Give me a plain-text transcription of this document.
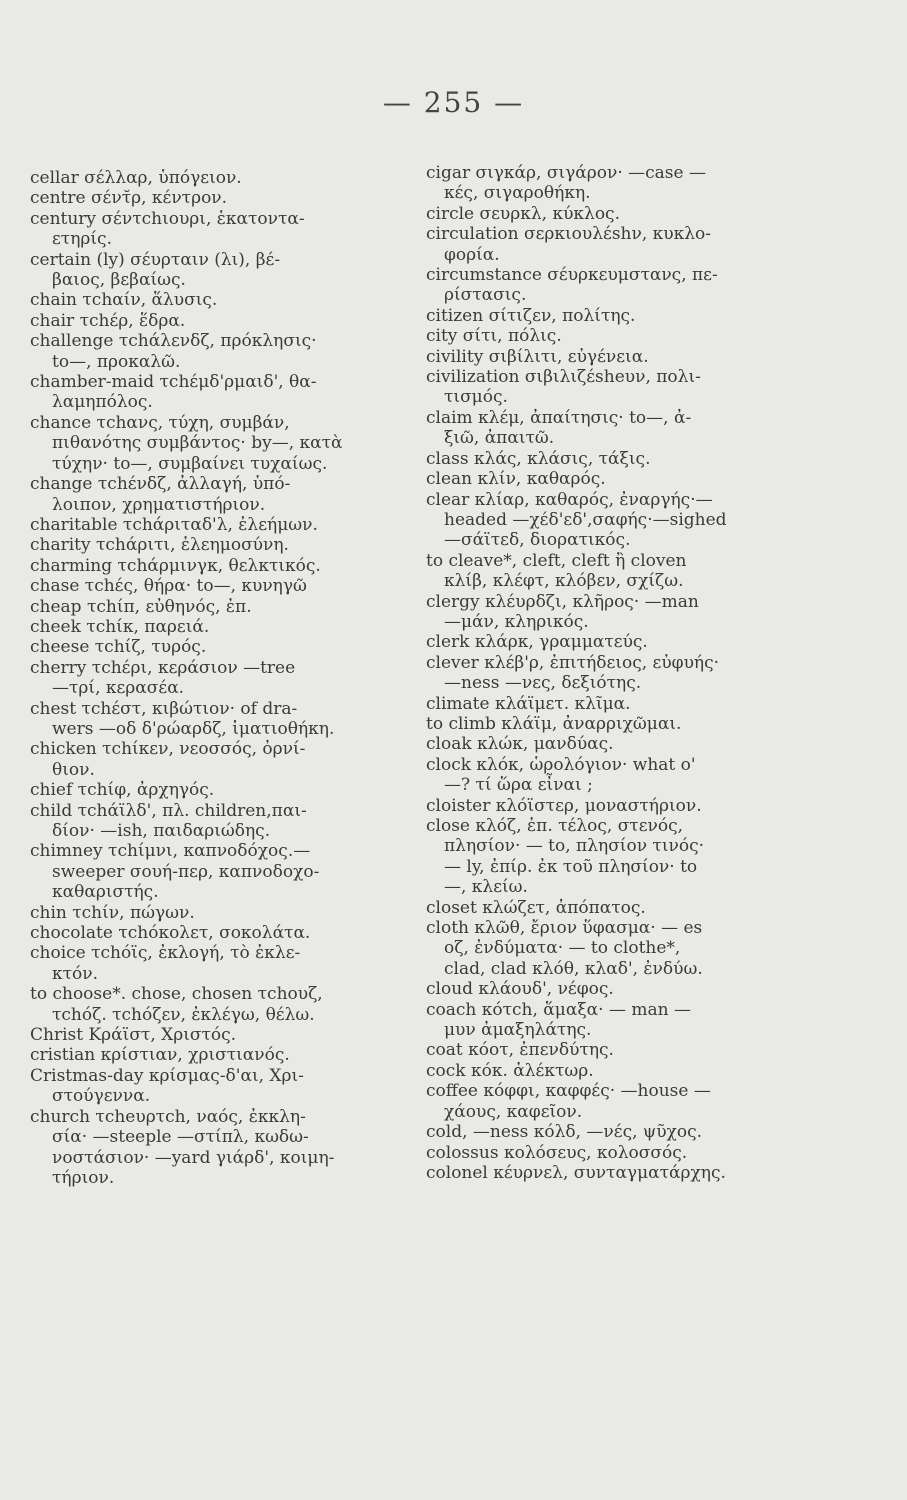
— 255 —

cellar σέλλαρ, ὑπόγειον.

centre σέντ̆ρ, κέντρον.

century σέντchιουρι, ἑκατοντα-
ετηρίς.

certain (ly) σέυρταιν (λι), βέ-
βαιος, βεβαίως.

chain τchαίν, ἅλυσις.

chair τchέρ, ἕδρα.

challenge τchάλενδζ, πρόκλησις·
to—, προκαλῶ.

chamber-maid τchέμδ'ρμαιδ', θα-
λαμηπόλος.

chance τchανς, τύχη, συμβάν,
πιθανότης συμβάντος· by—, κατὰ
τύχην· to—, συμβαίνει τυχαίως.

change τchένδζ, ἀλλαγή, ὑπό-
λοιπον, χρηματιστήριον.

charitable τchάριταδ'λ, ἐλεήμων.

charity τchάριτι, ἐλεημοσύνη.

charming τchάρμινγκ, θελκτικός.

chase τchές, θήρα· to—, κυνηγῶ

cheap τchίπ, εὐθηνός, ἐπ.

cheek τchίκ, παρειά.

cheese τchίζ, τυρός.

cherry τchέρι, κεράσιον —tree
—τρί, κερασέα.

chest τchέστ, κιβώτιον· of dra-
wers —οδ δ'ρώαρδζ, ἱματιοθήκη.

chicken τchίκεν, νεοσσός, ὀρνί-
θιον.

chief τchίφ, ἀρχηγός.

child τchάϊλδ', πλ. children,παι-
δίον· —ish, παιδαριώδης.

chimney τchίμνι, καπνοδόχος.—
sweeper σουή-περ, καπνοδοχο-
καθαριστής.

chin τchίν, πώγων.

chocolate τchόκολετ, σοκολάτα.

choice τchόϊς, ἐκλογή, τὸ ἐκλε-
κτόν.

to choose*. chose, chosen τchουζ,
τchόζ. τchόζεν, ἐκλέγω, θέλω.

Christ Κράϊστ, Χριστός.

cristian κρίστιαν, χριστιανός.

Cristmas-day κρίσμας-δ'αι, Χρι-
στούγεννα.

church τcheυρτch, ναός, ἐκκλη-
σία· —steeple —στίπλ, κωδω-
νοστάσιον· —yard γιάρδ', κοιμη-
τήριον.

cigar σιγκάρ, σιγάρον· —case —
κές, σιγαροθήκη.

circle σευρκλ, κύκλος.

circulation σερκιουλέshν, κυκλο-
φορία.

circumstance σέυρκευμστανς, πε-
ρίστασις.

citizen σίτιζεν, πολίτης.

city σίτι, πόλις.

civility σιβίλιτι, εὐγένεια.

civilization σιβιλιζέsheυν, πολι-
τισμός.

claim κλέμ, ἀπαίτησις· to—, ἀ-
ξιῶ, ἀπαιτῶ.

class κλάς, κλάσις, τάξις.

clean κλίν, καθαρός.

clear κλίαρ, καθαρός, ἐναργής·—
headed —χέδ'εδ',σαφής·—sighed
—σάϊτεδ, διορατικός.

to cleave*, cleft, cleft ἢ cloven
κλίβ, κλέφτ, κλόβεν, σχίζω.

clergy κλέυρδζι, κλῆρος· —man
—μάν, κληρικός.

clerk κλάρκ, γραμματεύς.

clever κλέβ'ρ, ἐπιτήδειος, εὐφυής·
—ness —νες, δεξιότης.

climate κλάϊμετ. κλῖμα.

to climb κλάϊμ, ἀναρριχῶμαι.

cloak κλώκ, μανδύας.

clock κλόκ, ὡρολόγιον· what o'
—? τί ὥρα εἶναι ;

cloister κλόϊστερ, μοναστήριον.

close κλόζ, ἐπ. τέλος, στενός,
πλησίον· — to, πλησίον τινός·
— ly, ἐπίρ. ἐκ τοῦ πλησίον· to
—, κλείω.

closet κλώζετ, ἀπόπατος.

cloth κλῶθ, ἔριον ὕφασμα· — es
οζ, ἐνδύματα· — to clothe*,
clad, clad κλόθ, κλαδ', ἐνδύω.

cloud κλάουδ', νέφος.

coach κότch, ἅμαξα· — man —
μυν ἀμαξηλάτης.

coat κόοτ, ἐπενδύτης.

cock κόκ. ἀλέκτωρ.

coffee κόφφι, καφφές· —house —
χάους, καφεῖον.

cold, —ness κόλδ, —νές, ψῦχος.

colossus κολόσευς, κολοσσός.

colonel κέυρνελ, συνταγματάρχης.
